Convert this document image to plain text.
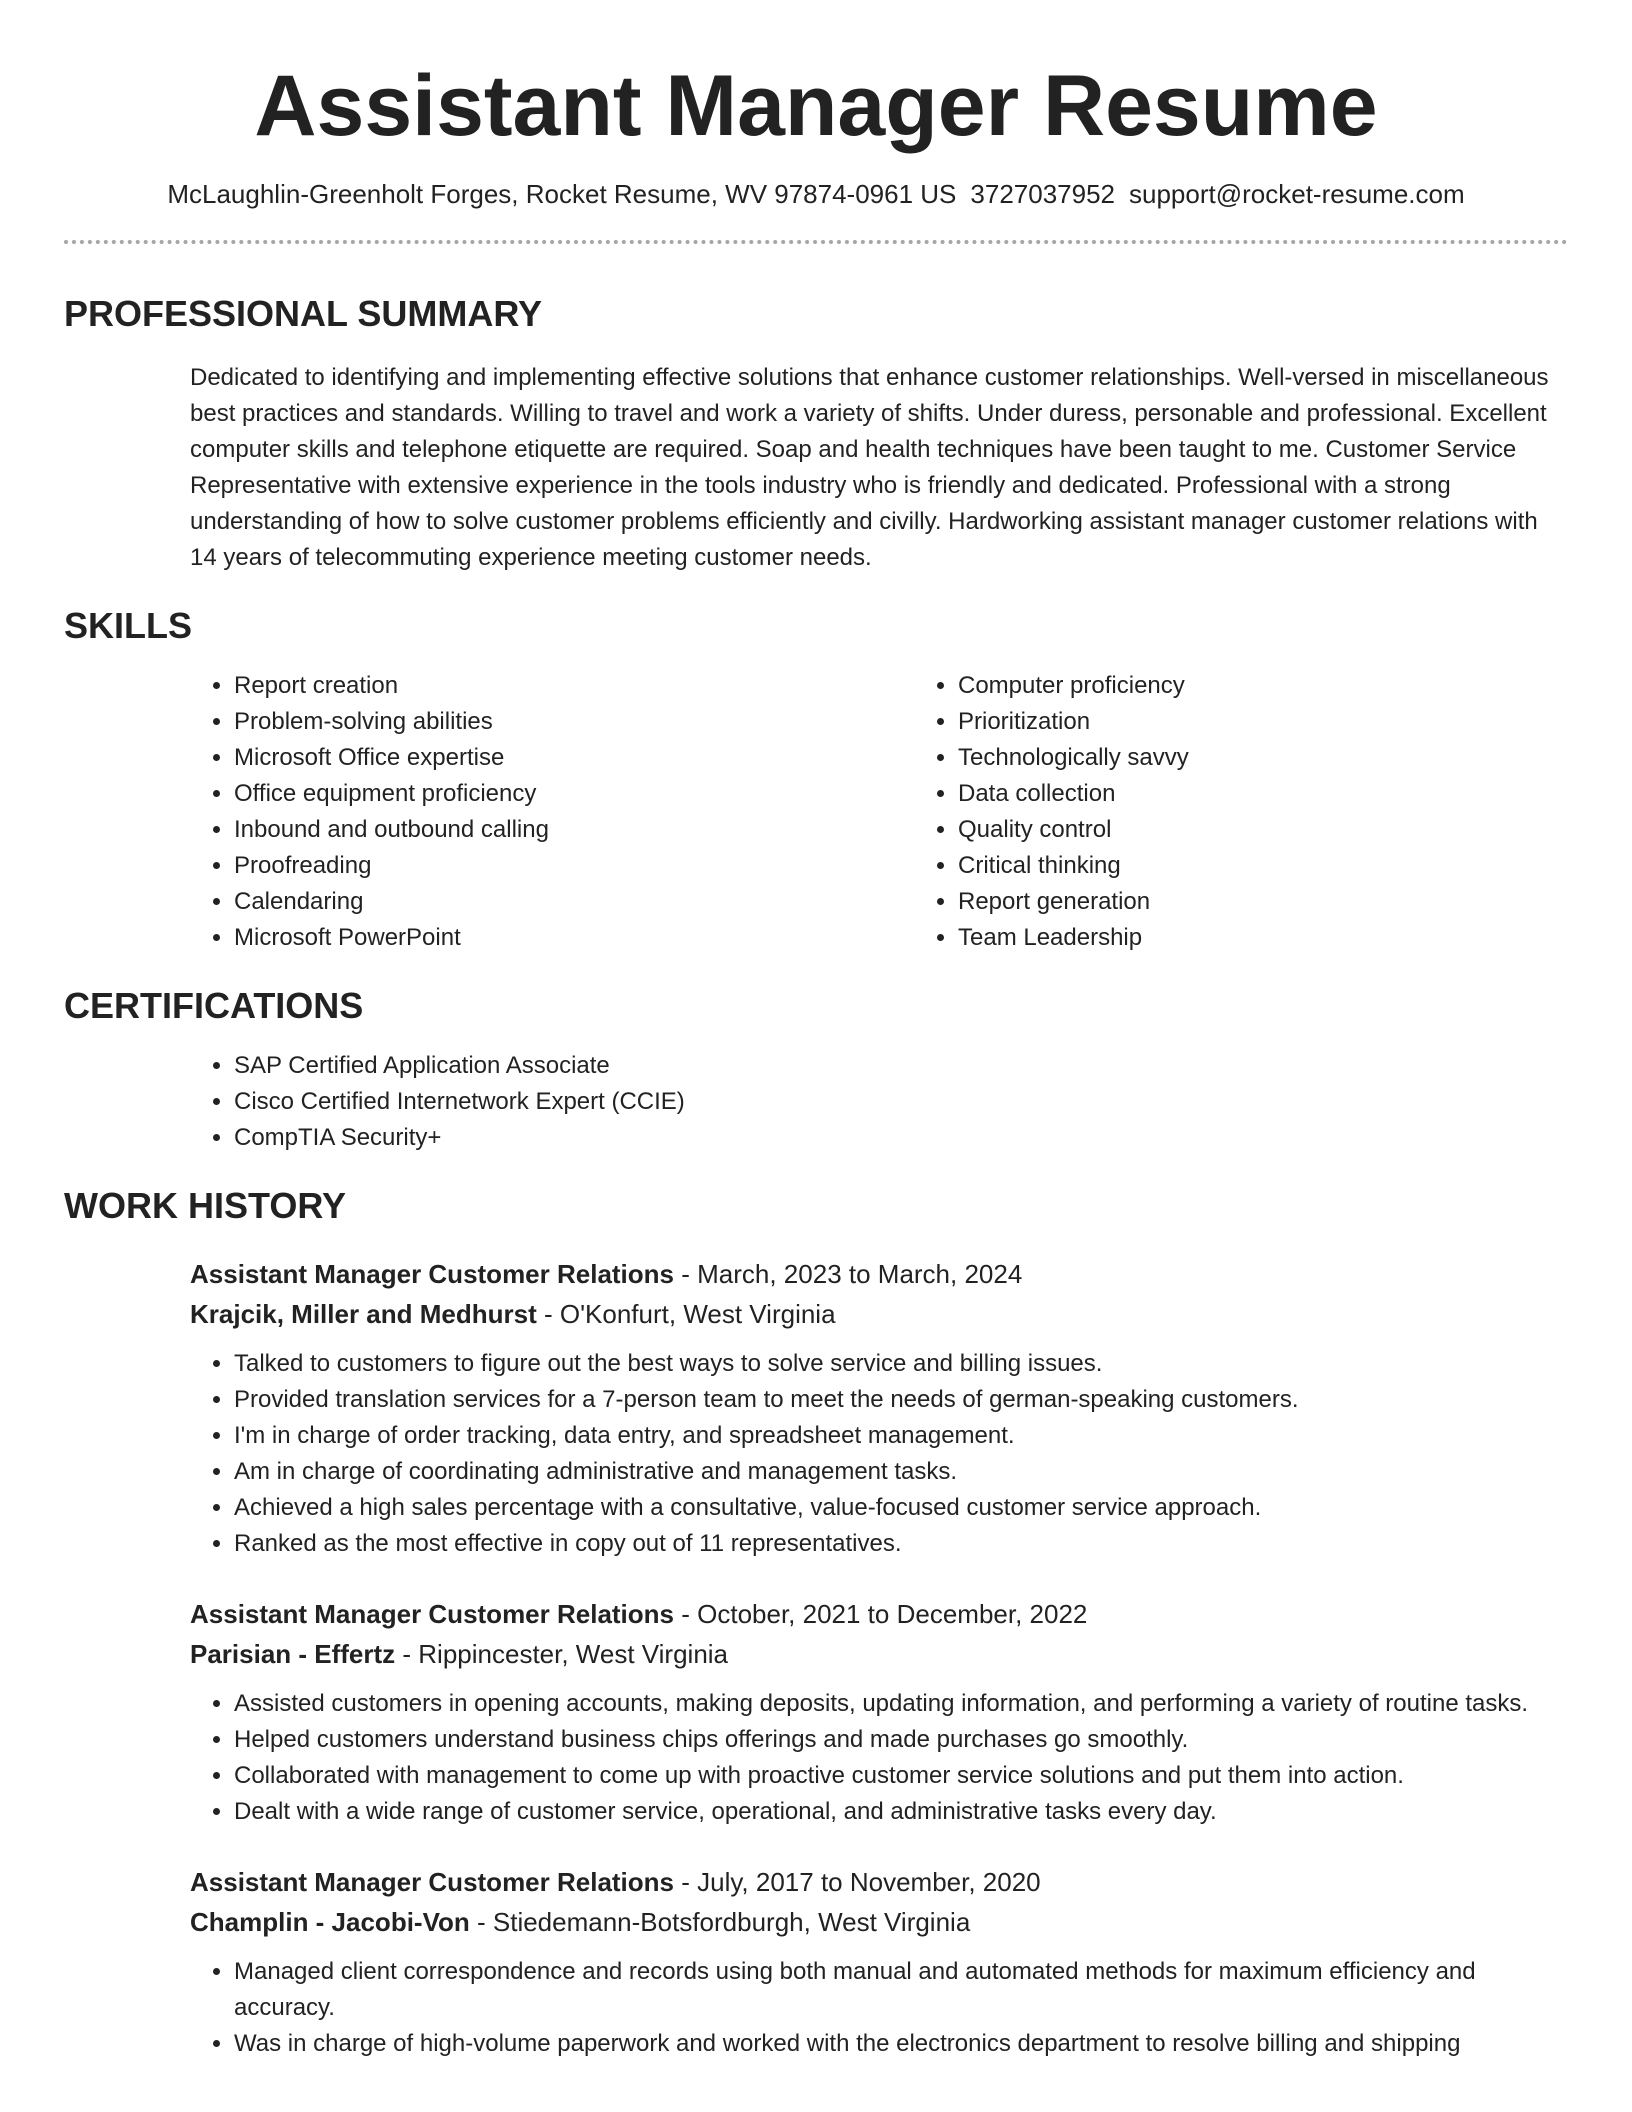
Assistant Manager Resume
McLaughlin-Greenholt Forges, Rocket Resume, WV 97874-0961 US 3727037952 support@rocket-resume.com
PROFESSIONAL SUMMARY

Dedicated to identifying and implementing effective solutions that enhance customer relationships. Well-versed in miscellaneous best practices and standards. Willing to travel and work a variety of shifts. Under duress, personable and professional. Excellent computer skills and telephone etiquette are required. Soap and health techniques have been taught to me. Customer Service Representative with extensive experience in the tools industry who is friendly and dedicated. Professional with a strong understanding of how to solve customer problems efficiently and civilly. Hardworking assistant manager customer relations with 14 years of telecommuting experience meeting customer needs.

SKILLS
• Report creation
• Problem-solving abilities
• Microsoft Office expertise
• Office equipment proficiency
• Inbound and outbound calling
• Proofreading
• Calendaring
• Microsoft PowerPoint
• Computer proficiency
• Prioritization
• Technologically savvy
• Data collection
• Quality control
• Critical thinking
• Report generation
• Team Leadership
CERTIFICATIONS
• SAP Certified Application Associate
• Cisco Certified Internetwork Expert (CCIE)
• CompTIA Security+
WORK HISTORY
Assistant Manager Customer Relations - March, 2023 to March, 2024
Krajcik, Miller and Medhurst - O'Konfurt, West Virginia
• Talked to customers to figure out the best ways to solve service and billing issues.
• Provided translation services for a 7-person team to meet the needs of german-speaking customers.
• I'm in charge of order tracking, data entry, and spreadsheet management.
• Am in charge of coordinating administrative and management tasks.
• Achieved a high sales percentage with a consultative, value-focused customer service approach.
• Ranked as the most effective in copy out of 11 representatives.
Assistant Manager Customer Relations - October, 2021 to December, 2022
Parisian - Effertz - Rippincester, West Virginia
• Assisted customers in opening accounts, making deposits, updating information, and performing a variety of routine tasks.
• Helped customers understand business chips offerings and made purchases go smoothly.
• Collaborated with management to come up with proactive customer service solutions and put them into action.
• Dealt with a wide range of customer service, operational, and administrative tasks every day.
Assistant Manager Customer Relations - July, 2017 to November, 2020
Champlin - Jacobi-Von - Stiedemann-Botsfordburgh, West Virginia
• Managed client correspondence and records using both manual and automated methods for maximum efficiency and accuracy.
• Was in charge of high-volume paperwork and worked with the electronics department to resolve billing and shipping
